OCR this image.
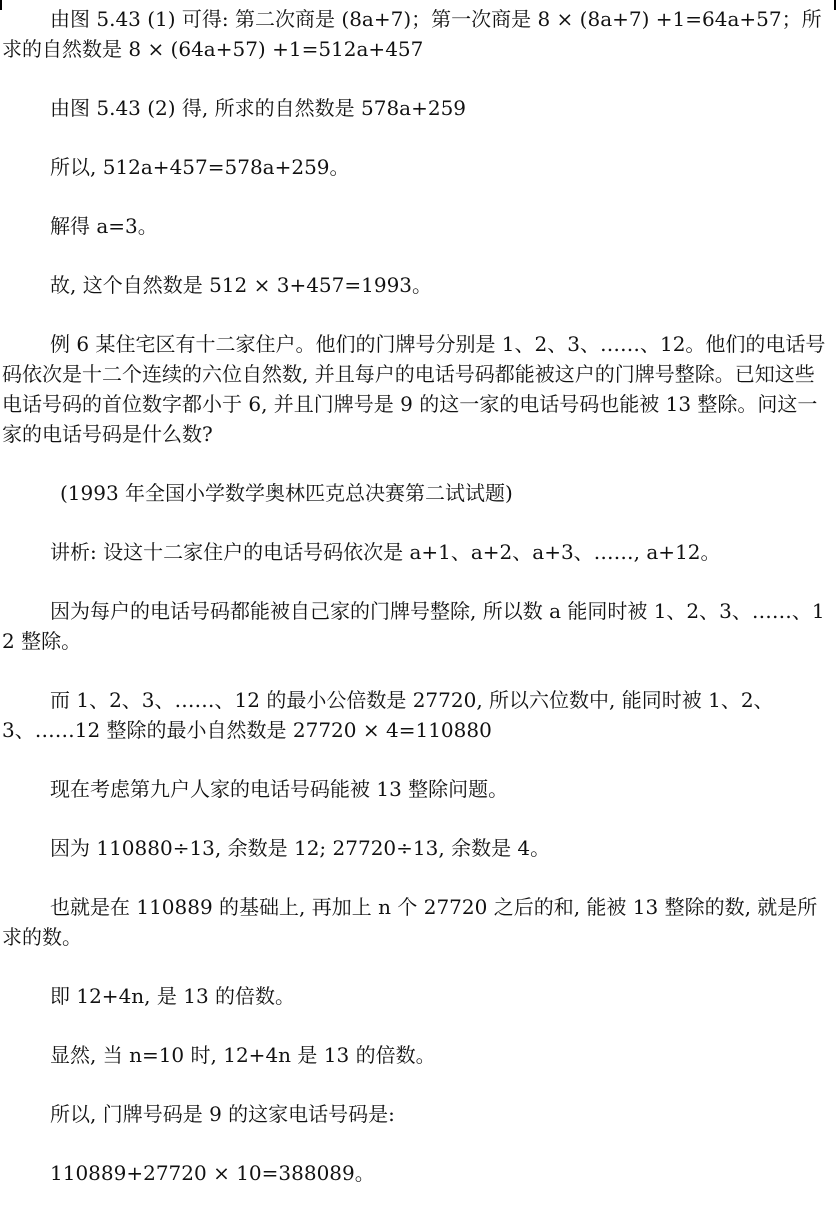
由图 5.43 (1) 可得: 第二次商是 (8a+7)；第一次商是 8 × (8a+7) +1=64a+57；所求的自然数是 8 × (64a+57) +1=512a+457

由图 5.43 (2) 得, 所求的自然数是 578a+259

所以, 512a+457=578a+259。

解得 a=3。

故, 这个自然数是 512 × 3+457=1993。

例 6 某住宅区有十二家住户。他们的门牌号分别是 1、2、3、……、12。他们的电话号码依次是十二个连续的六位自然数, 并且每户的电话号码都能被这户的门牌号整除。已知这些电话号码的首位数字都小于 6, 并且门牌号是 9 的这一家的电话号码也能被 13 整除。问这一家的电话号码是什么数?

(1993 年全国小学数学奥林匹克总决赛第二试试题)

讲析: 设这十二家住户的电话号码依次是 a+1、a+2、a+3、……, a+12。

因为每户的电话号码都能被自己家的门牌号整除, 所以数 a 能同时被 1、2、3、……、12 整除。

而 1、2、3、……、12 的最小公倍数是 27720, 所以六位数中, 能同时被 1、2、3、……12 整除的最小自然数是 27720 × 4=110880

现在考虑第九户人家的电话号码能被 13 整除问题。

因为 110880÷13, 余数是 12; 27720÷13, 余数是 4。

也就是在 110889 的基础上, 再加上 n 个 27720 之后的和, 能被 13 整除的数, 就是所求的数。

即 12+4n, 是 13 的倍数。

显然, 当 n=10 时, 12+4n 是 13 的倍数。

所以, 门牌号码是 9 的这家电话号码是:

110889+27720 × 10=388089。
